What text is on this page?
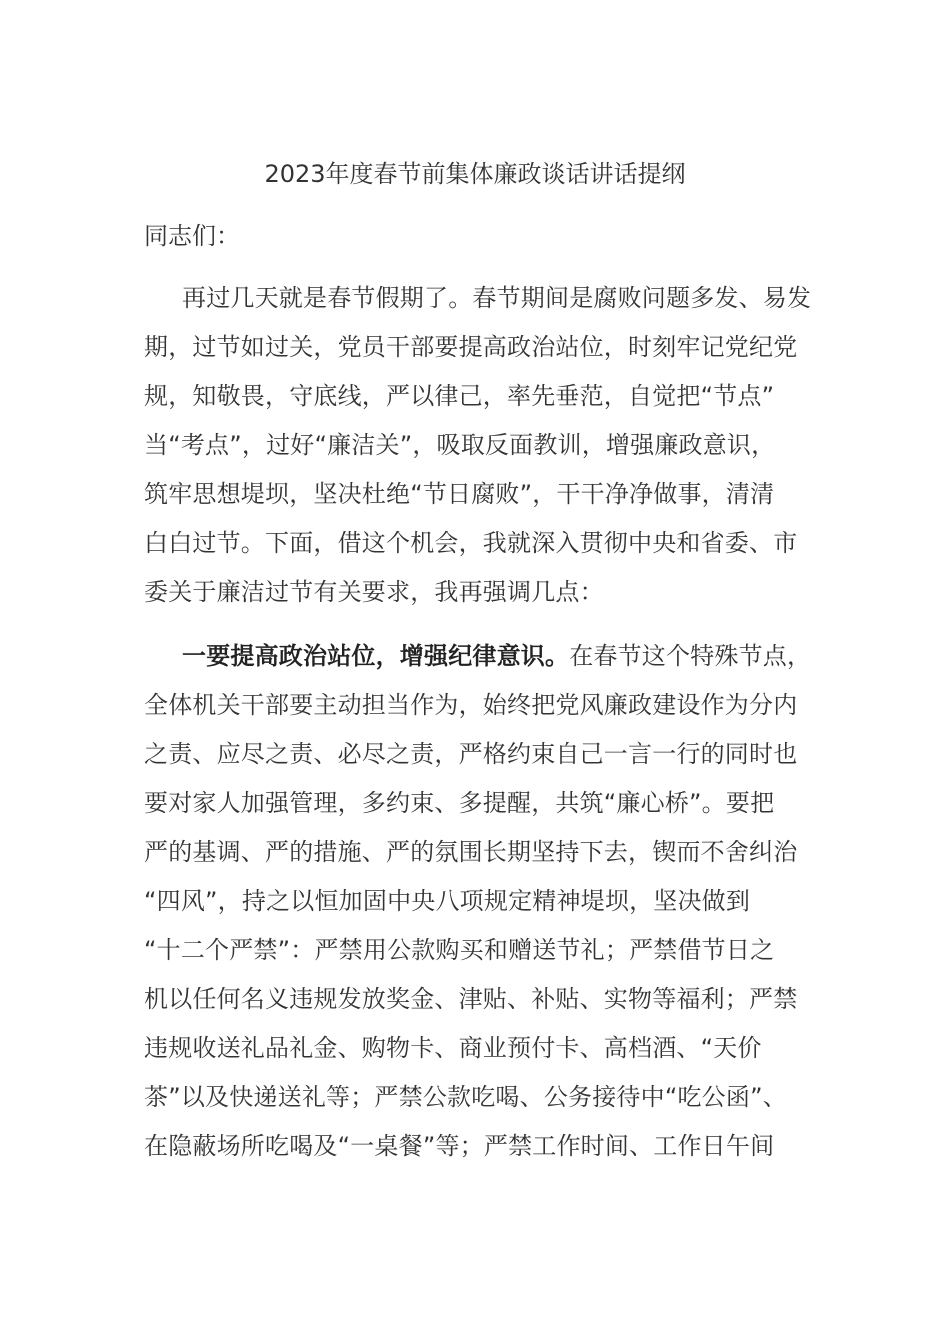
2023年度春节前集体廉政谈话讲话提纲
同志们：
再过几天就是春节假期了。春节期间是腐败问题多发、易发
期，过节如过关，党员干部要提高政治站位，时刻牢记党纪党
规，知敬畏，守底线，严以律己，率先垂范，自觉把“节点”
当“考点”，过好“廉洁关”，吸取反面教训，增强廉政意识，
筑牢思想堤坝，坚决杜绝“节日腐败”，干干净净做事，清清
白白过节。下面，借这个机会，我就深入贯彻中央和省委、市
委关于廉洁过节有关要求，我再强调几点：
一要提高政治站位，增强纪律意识。在春节这个特殊节点，
全体机关干部要主动担当作为，始终把党风廉政建设作为分内
之责、应尽之责、必尽之责，严格约束自己一言一行的同时也
要对家人加强管理，多约束、多提醒，共筑“廉心桥”。要把
严的基调、严的措施、严的氛围长期坚持下去，锲而不舍纠治
“四风”，持之以恒加固中央八项规定精神堤坝，坚决做到
“十二个严禁”：严禁用公款购买和赠送节礼；严禁借节日之
机以任何名义违规发放奖金、津贴、补贴、实物等福利；严禁
违规收送礼品礼金、购物卡、商业预付卡、高档酒、“天价
茶”以及快递送礼等；严禁公款吃喝、公务接待中“吃公函”、
在隐蔽场所吃喝及“一桌餐”等；严禁工作时间、工作日午间
